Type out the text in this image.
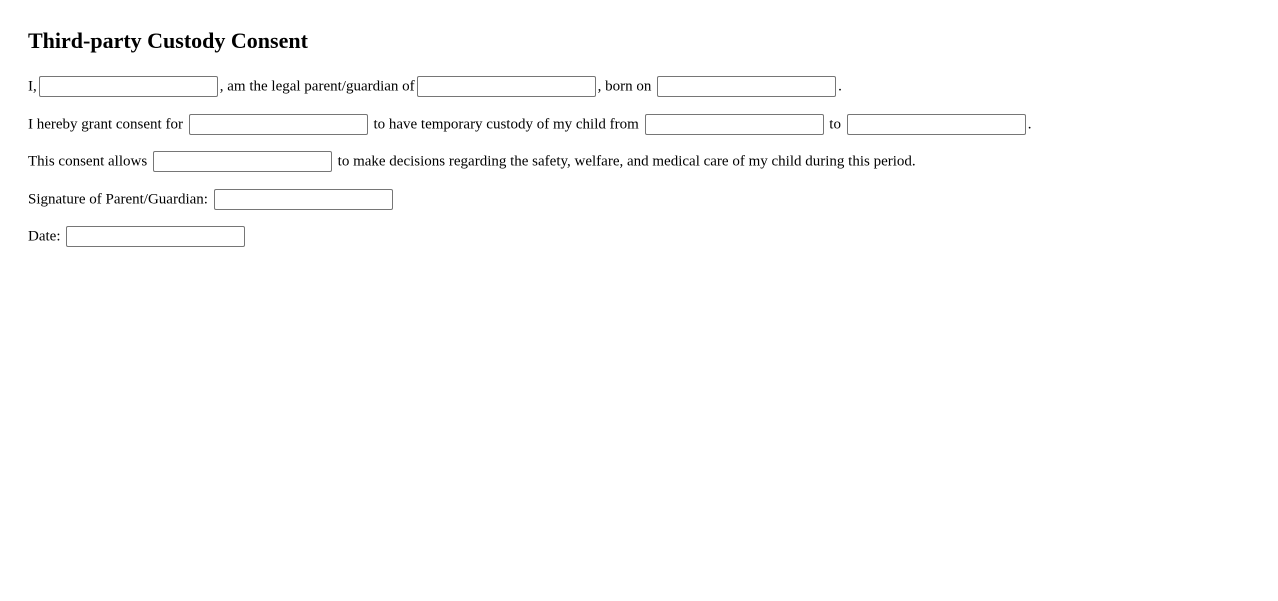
Third-party Custody Consent

I,	, am the legal parent/guardian of	, born on	.

I hereby grant consent for	to have temporary custody of my child from	to	.

This consent allows	to make decisions regarding the safety, welfare, and medical care of my child during this period.

Signature of Parent/Guardian:

Date:
